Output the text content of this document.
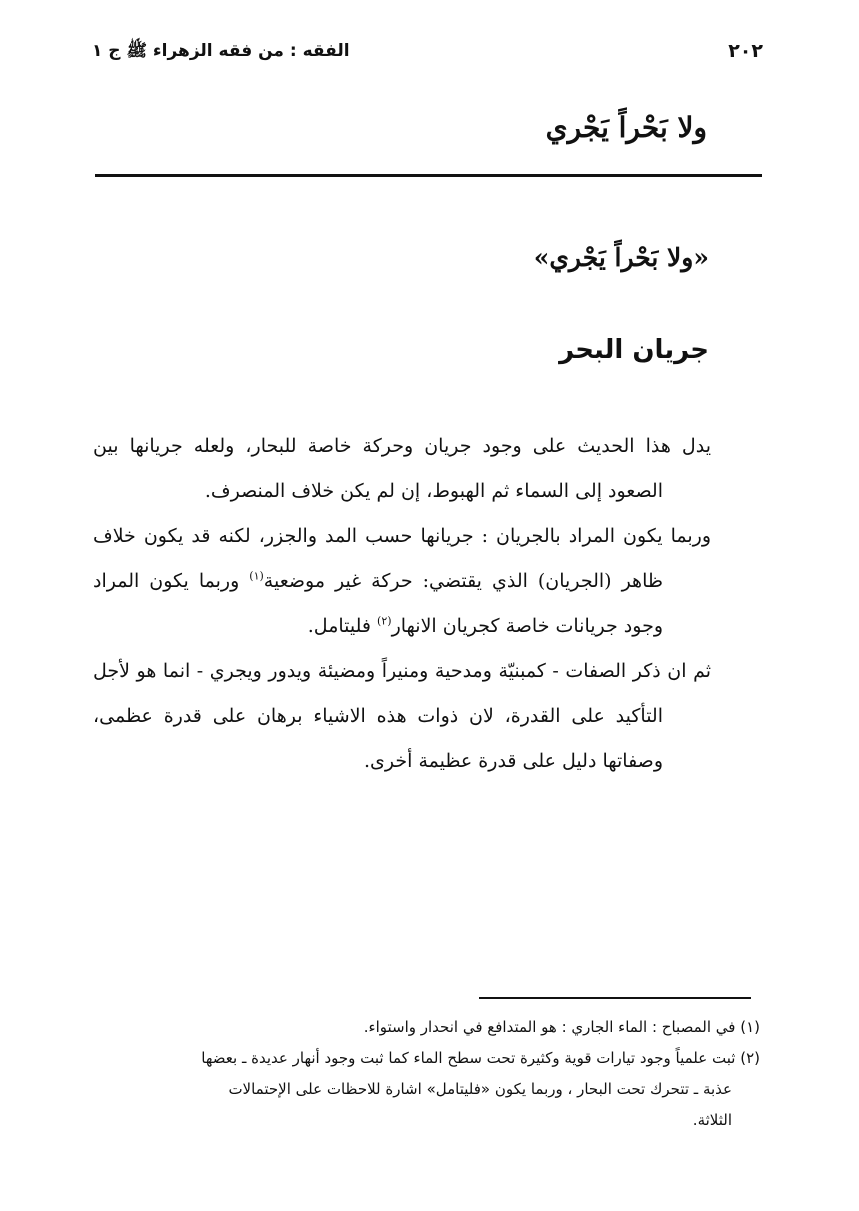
٢٠٢
الفقه : من فقه الزهراء ﷺ ج ١
ولا بَحْراً يَجْري
«ولا بَحْراً يَجْري»
جريان البحر

يدل هذا الحديث على وجود جريان وحركة خاصة للبحار، ولعله جريانها بين الصعود إلى السماء ثم الهبوط، إن لم يكن خلاف المنصرف.

وربما يكون المراد بالجريان : جريانها حسب المد والجزر، لكنه قد يكون خلاف ظاهر (الجريان) الذي يقتضي: حركة غير موضعية$^{(١)}$ وربما يكون المراد وجود جريانات خاصة كجريان الانهار$^{(٢)}$ فليتامل.

ثم ان ذكر الصفات - كمبنيّة ومدحية ومنيراً ومضيئة ويدور ويجري - انما هو لأجل التأكيد على القدرة، لان ذوات هذه الاشياء برهان على قدرة عظمى، وصفاتها دليل على قدرة عظيمة أخرى.

(١) في المصباح : الماء الجاري : هو المتدافع في انحدار واستواء.

(٢) ثبت علمياً وجود تيارات قوية وكثيرة تحت سطح الماء كما ثبت وجود أنهار عديدة ـ بعضها

عذبة ـ تتحرك تحت البحار ، وربما يكون «فليتامل» اشارة للاحظات على الإحتمالات

الثلاثة.
